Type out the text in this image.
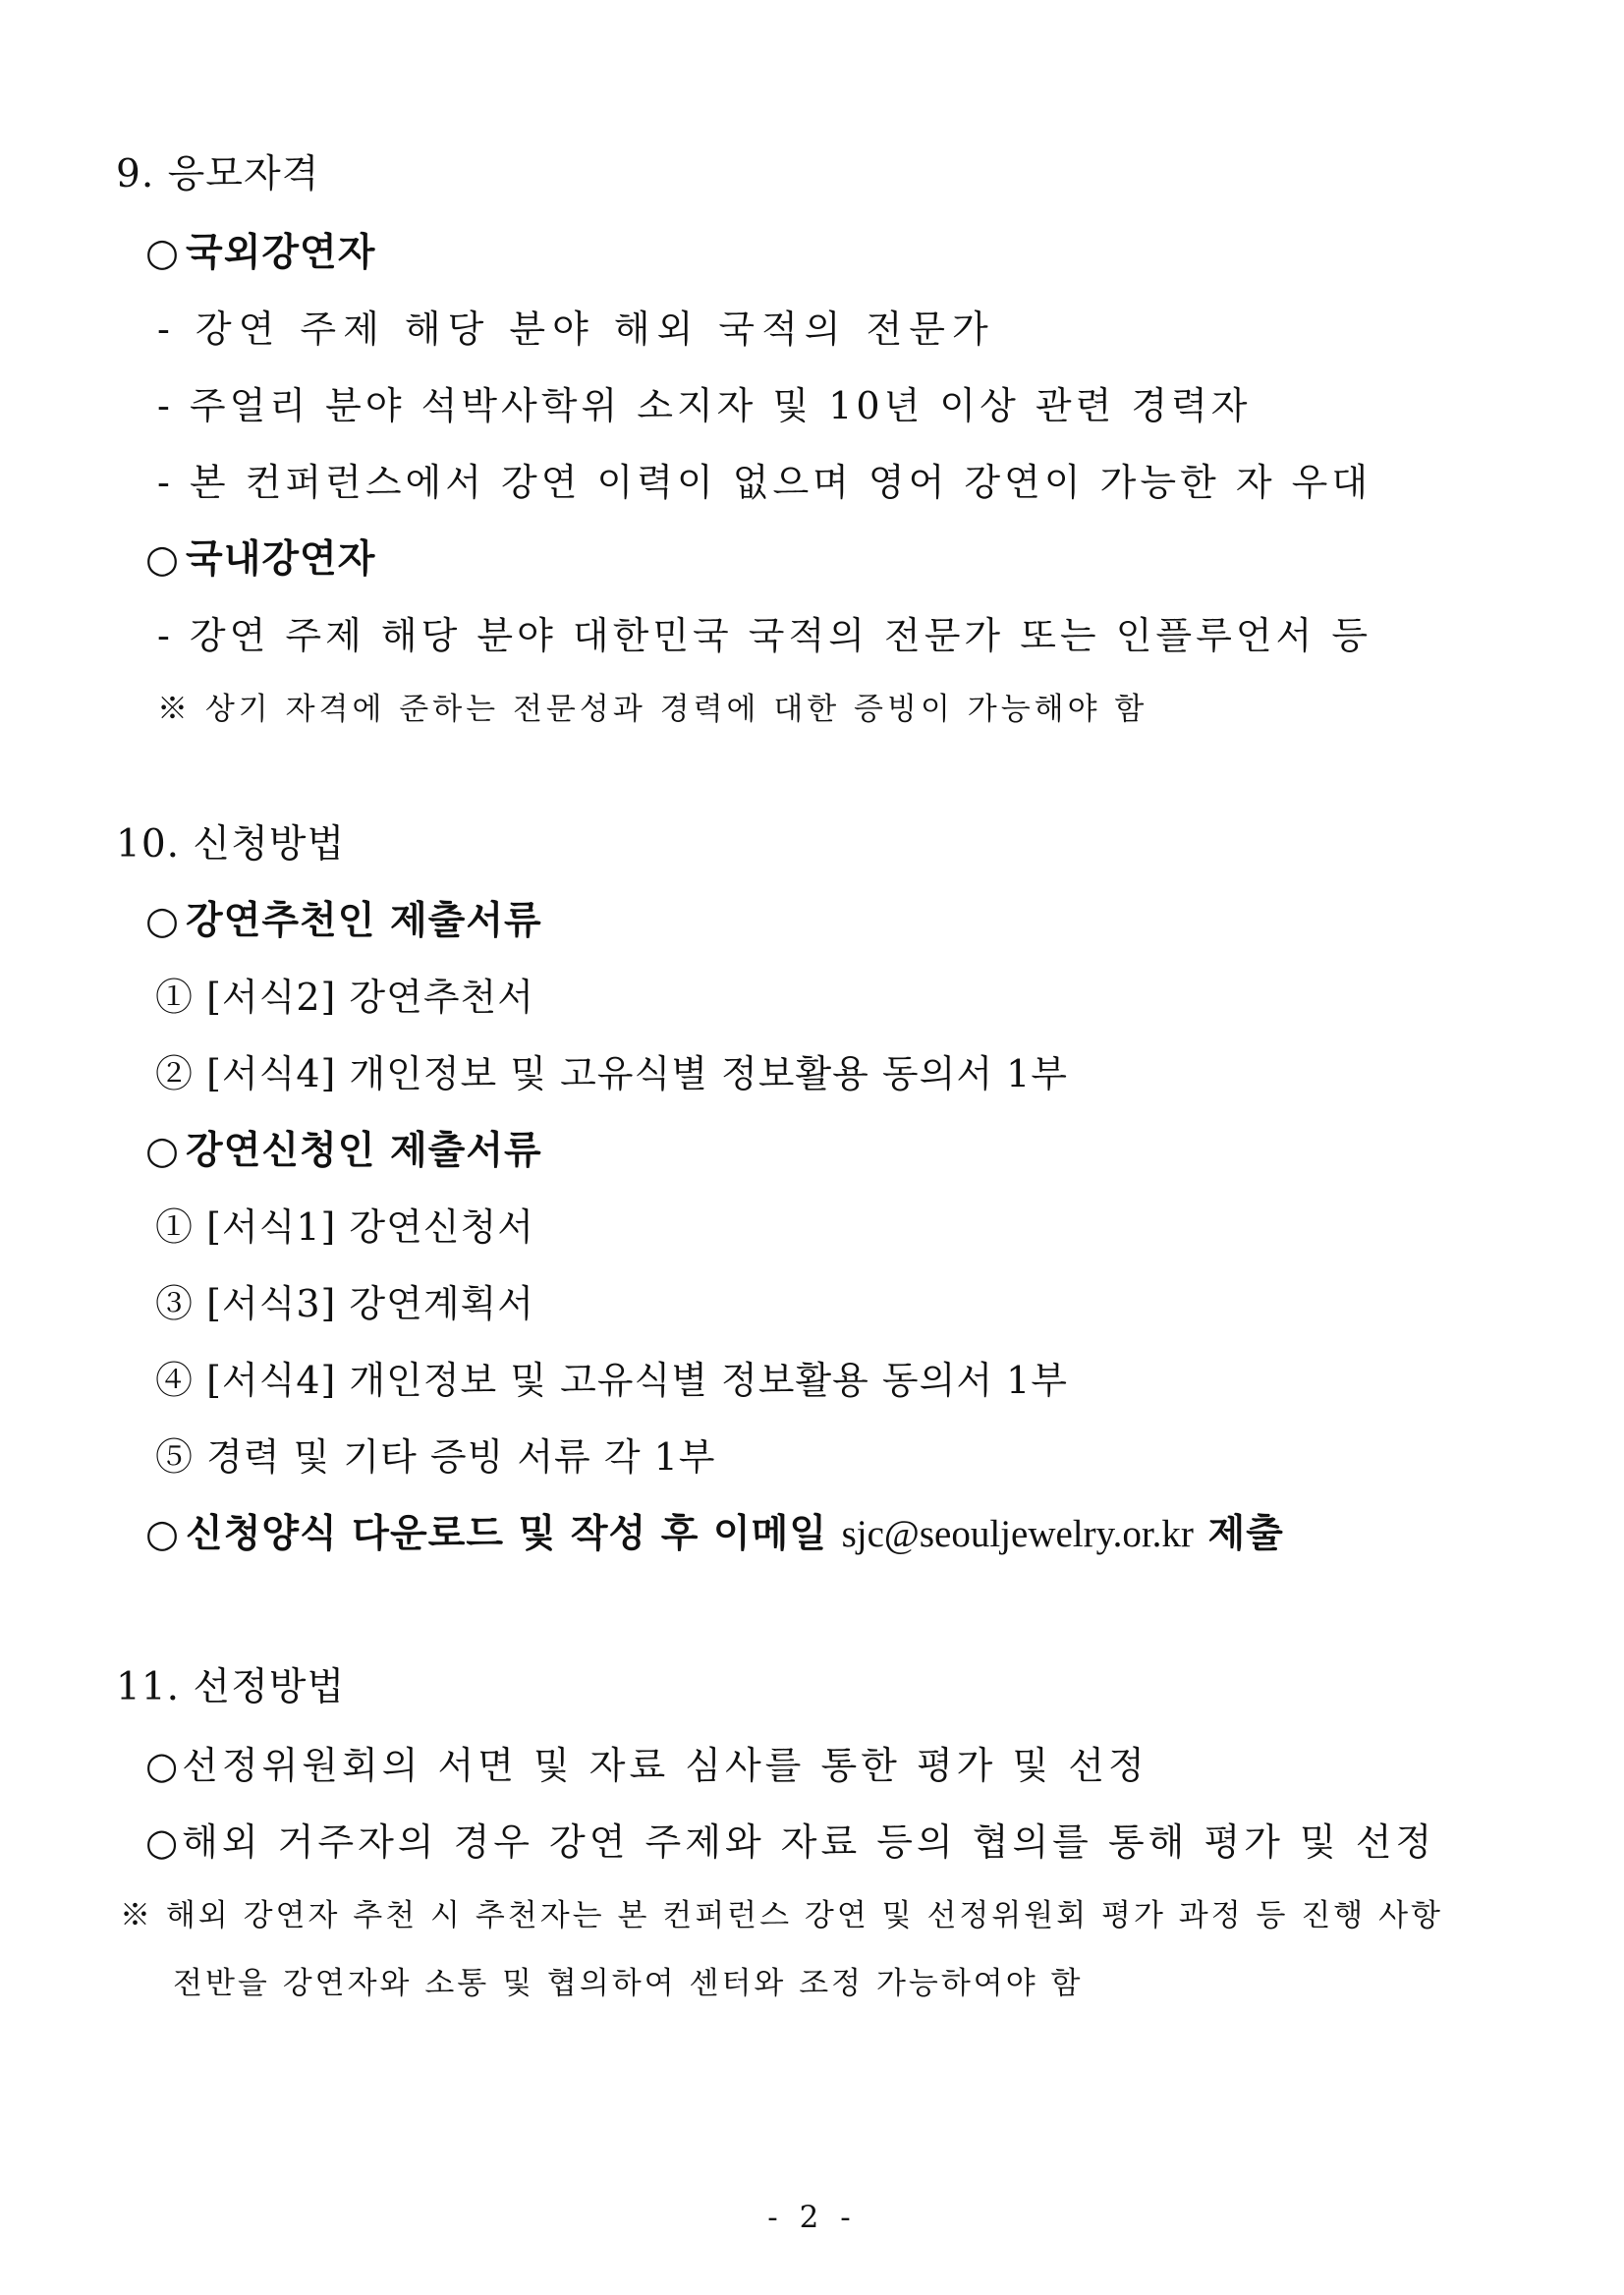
9. 응모자격
○ 국외강연자
- 강연 주제 해당 분야 해외 국적의 전문가
- 주얼리 분야 석박사학위 소지자 및 10년 이상 관련 경력자
- 본 컨퍼런스에서 강연 이력이 없으며 영어 강연이 가능한 자 우대
○ 국내강연자
- 강연 주제 해당 분야 대한민국 국적의 전문가 또는 인플루언서 등
※ 상기 자격에 준하는 전문성과 경력에 대한 증빙이 가능해야 함
10. 신청방법
○ 강연추천인 제출서류
① [서식2] 강연추천서
② [서식4] 개인정보 및 고유식별 정보활용 동의서 1부
○ 강연신청인 제출서류
① [서식1] 강연신청서
③ [서식3] 강연계획서
④ [서식4] 개인정보 및 고유식별 정보활용 동의서 1부
⑤ 경력 및 기타 증빙 서류 각 1부
○ 신청양식 다운로드 및 작성 후 이메일 sjc@seouljewelry.or.kr 제출
11. 선정방법
○선정위원회의 서면 및 자료 심사를 통한 평가 및 선정
○해외 거주자의 경우 강연 주제와 자료 등의 협의를 통해 평가 및 선정
※ 해외 강연자 추천 시 추천자는 본 컨퍼런스 강연 및 선정위원회 평가 과정 등 진행 사항
전반을 강연자와 소통 및 협의하여 센터와 조정 가능하여야 함
- 2 -
